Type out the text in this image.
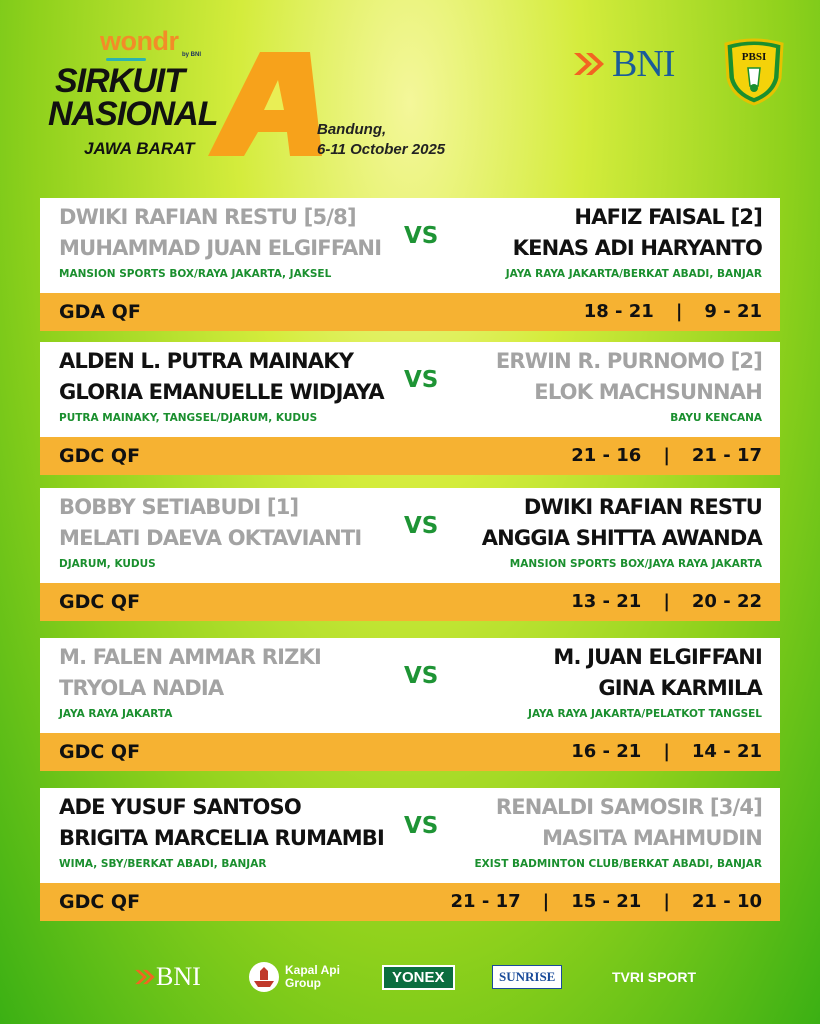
wondr by BNI
SIRKUIT
NASIONAL
JAWA BARAT
Bandung,
6-11 October 2025
BNI	PBSI
DWIKI RAFIAN RESTU [5/8]
MUHAMMAD JUAN ELGIFFANI
MANSION SPORTS BOX/RAYA JAKARTA, JAKSEL
VS
HAFIZ FAISAL [2]
KENAS ADI HARYANTO
JAYA RAYA JAKARTA/BERKAT ABADI, BANJAR
GDA QF	18 - 21 | 9 - 21
ALDEN L. PUTRA MAINAKY
GLORIA EMANUELLE WIDJAYA
PUTRA MAINAKY, TANGSEL/DJARUM, KUDUS
VS
ERWIN R. PURNOMO [2]
ELOK MACHSUNNAH
BAYU KENCANA
GDC QF	21 - 16 | 21 - 17
BOBBY SETIABUDI [1]
MELATI DAEVA OKTAVIANTI
DJARUM, KUDUS
VS
DWIKI RAFIAN RESTU
ANGGIA SHITTA AWANDA
MANSION SPORTS BOX/JAYA RAYA JAKARTA
GDC QF	13 - 21 | 20 - 22
M. FALEN AMMAR RIZKI
TRYOLA NADIA
JAYA RAYA JAKARTA
VS
M. JUAN ELGIFFANI
GINA KARMILA
JAYA RAYA JAKARTA/PELATKOT TANGSEL
GDC QF	16 - 21 | 14 - 21
ADE YUSUF SANTOSO
BRIGITA MARCELIA RUMAMBI
WIMA, SBY/BERKAT ABADI, BANJAR
VS
RENALDI SAMOSIR [3/4]
MASITA MAHMUDIN
EXIST BADMINTON CLUB/BERKAT ABADI, BANJAR
GDC QF	21 - 17 | 15 - 21 | 21 - 10
BNI	Kapal Api
Group	YONEX	SUNRISE	TVRI SPORT
